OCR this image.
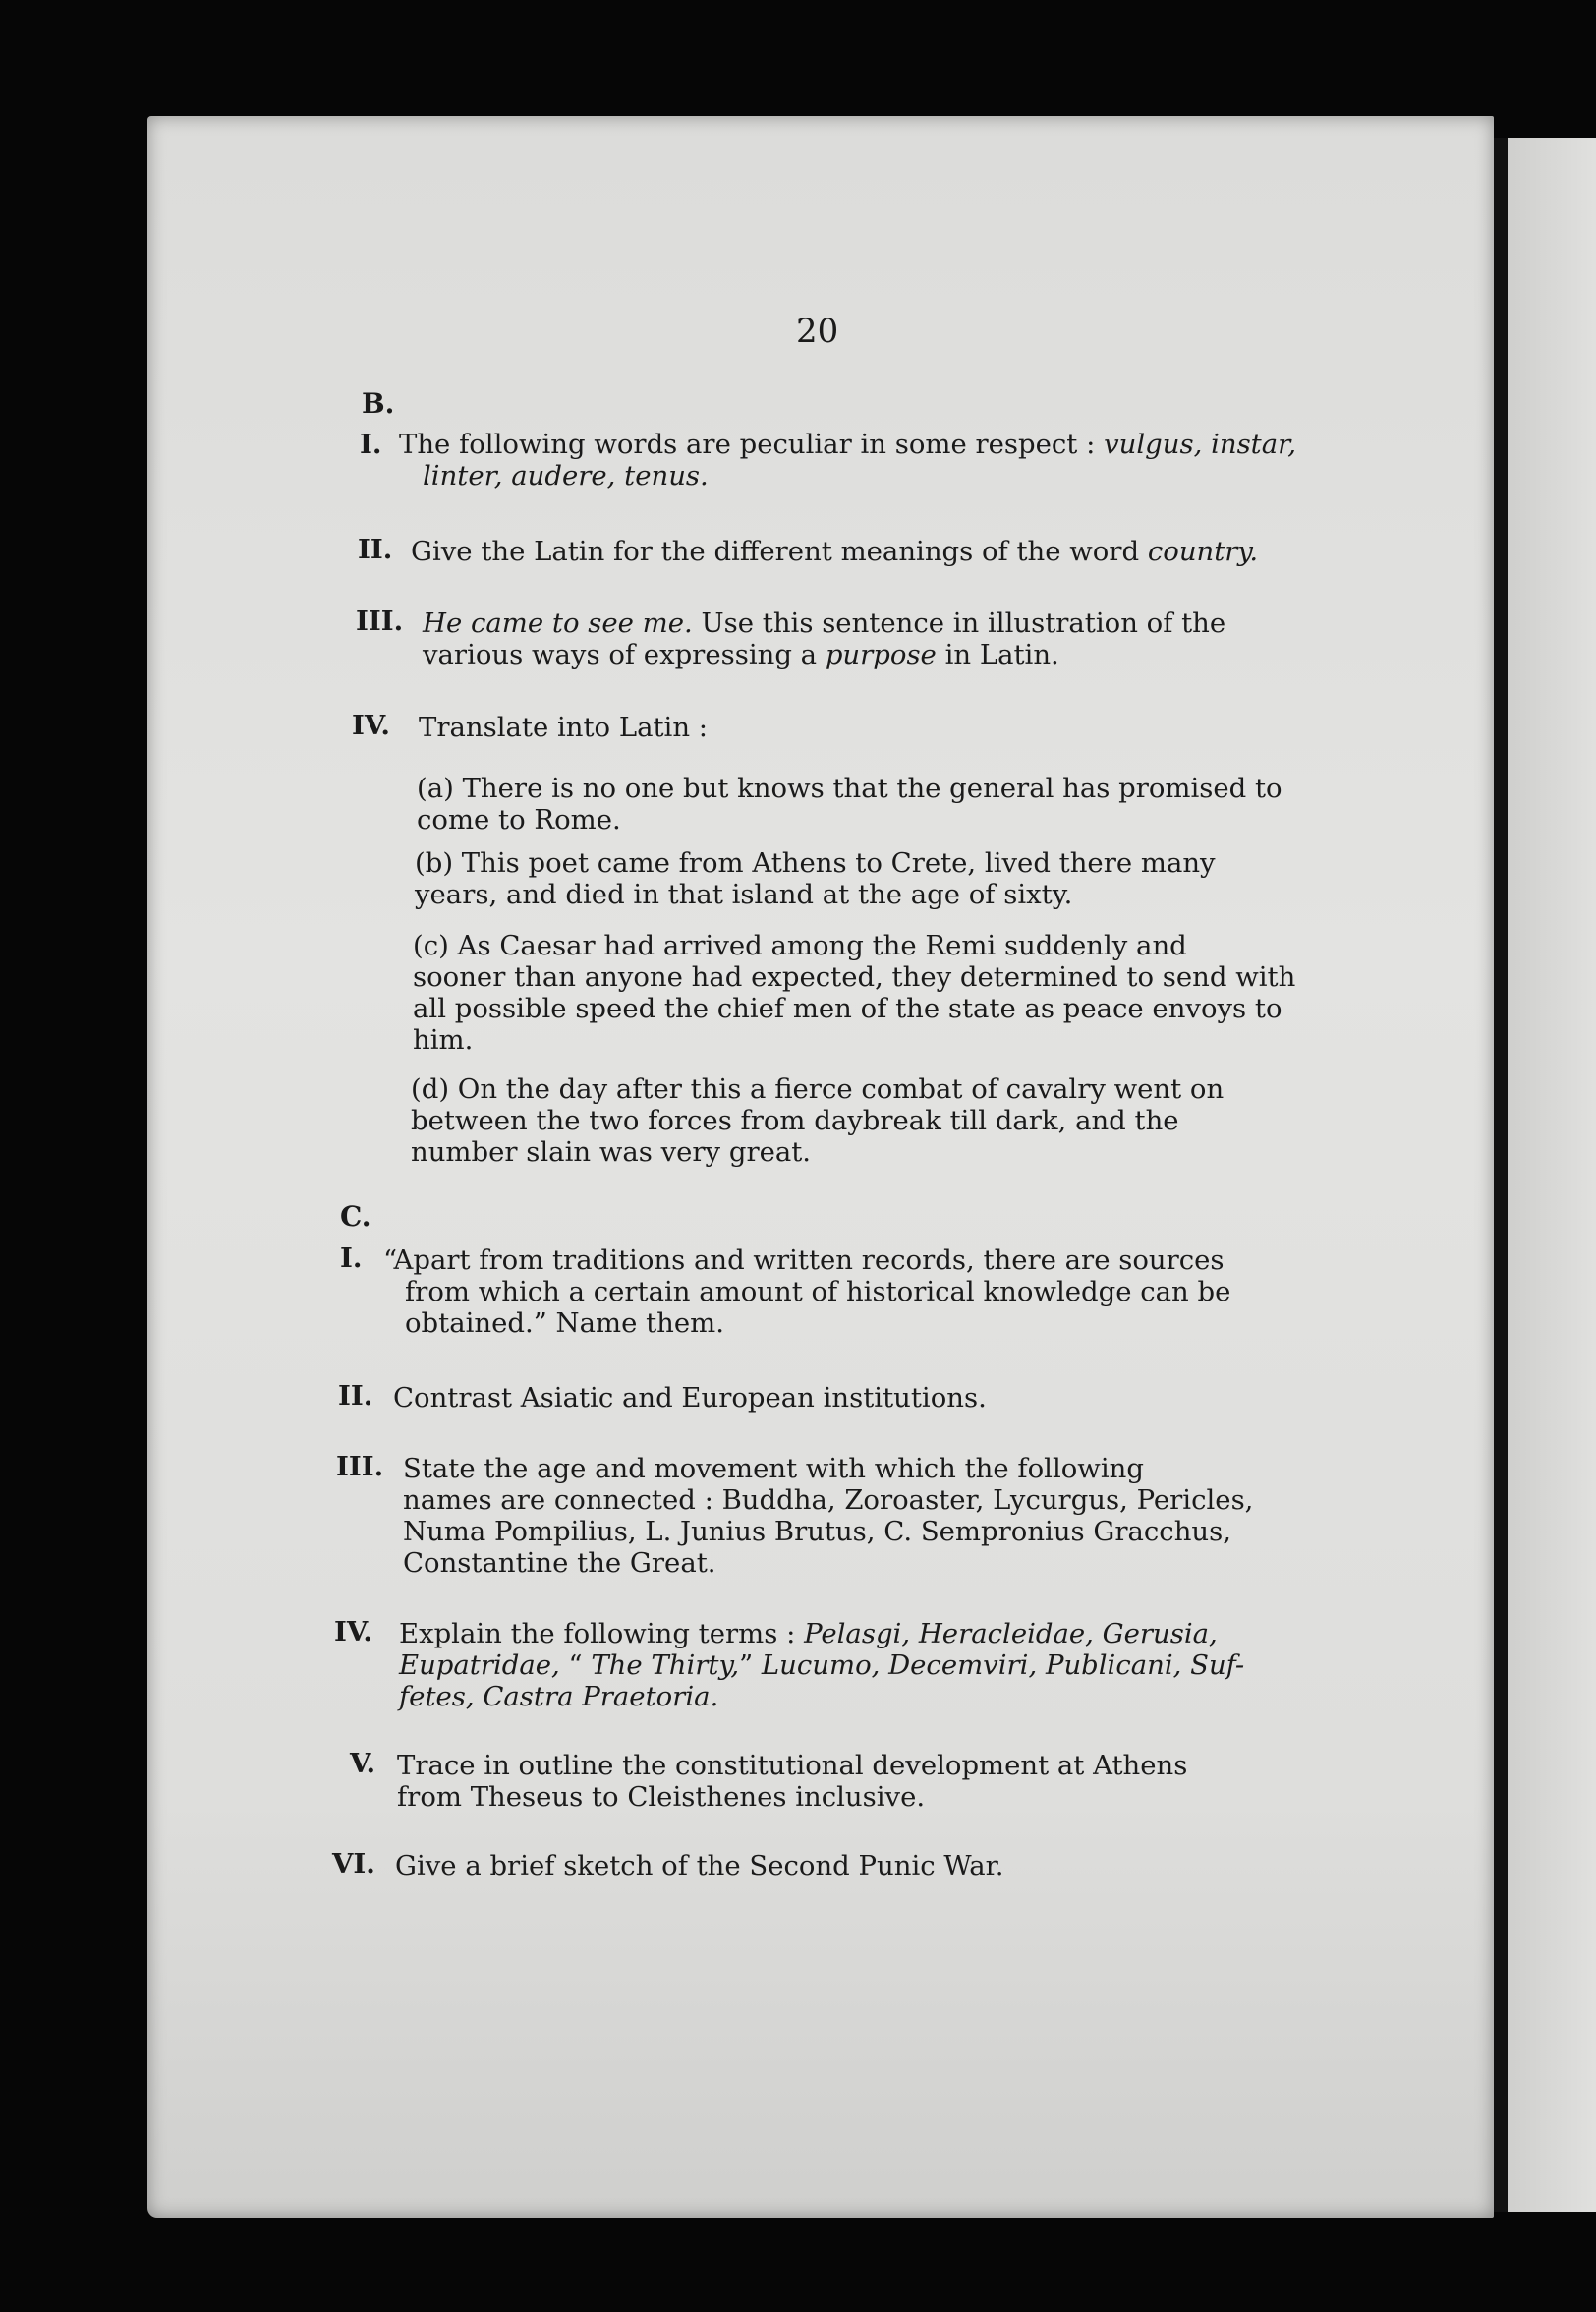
20
B.
I. The following words are peculiar in some respect : vulgus, instar,
linter, audere, tenus.
II. Give the Latin for the different meanings of the word country.
III. He came to see me. Use this sentence in illustration of the
various ways of expressing a purpose in Latin.
IV. Translate into Latin :
(a) There is no one but knows that the general has promised to
come to Rome.
(b) This poet came from Athens to Crete, lived there many
years, and died in that island at the age of sixty.
(c) As Caesar had arrived among the Remi suddenly and
sooner than anyone had expected, they determined to send with
all possible speed the chief men of the state as peace envoys to
him.
(d) On the day after this a fierce combat of cavalry went on
between the two forces from daybreak till dark, and the
number slain was very great.
C.
I. “Apart from traditions and written records, there are sources
from which a certain amount of historical knowledge can be
obtained.” Name them.
II. Contrast Asiatic and European institutions.
III. State the age and movement with which the following
names are connected : Buddha, Zoroaster, Lycurgus, Pericles,
Numa Pompilius, L. Junius Brutus, C. Sempronius Gracchus,
Constantine the Great.
IV. Explain the following terms : Pelasgi, Heracleidae, Gerusia,
Eupatridae, “ The Thirty,” Lucumo, Decemviri, Publicani, Suf-
fetes, Castra Praetoria.
V. Trace in outline the constitutional development at Athens
from Theseus to Cleisthenes inclusive.
VI. Give a brief sketch of the Second Punic War.
